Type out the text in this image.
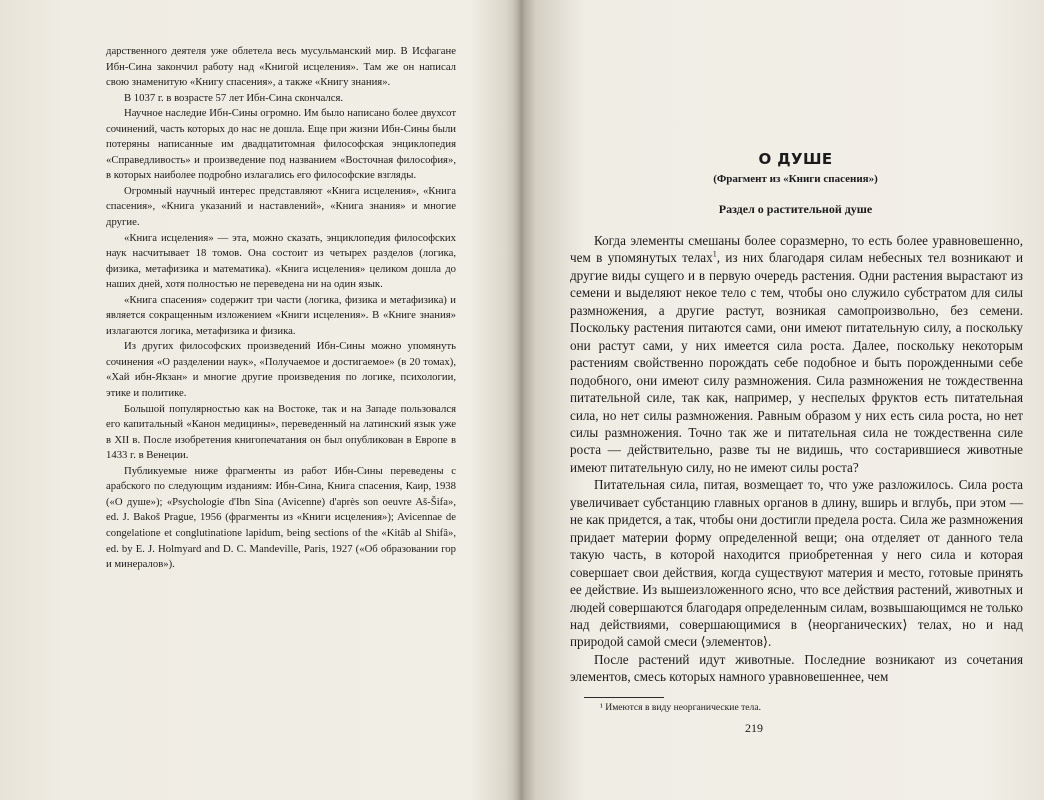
дарственного деятеля уже облетела весь мусульманский мир. В Исфагане Ибн-Сина закончил работу над «Книгой исцеления». Там же он написал свою знаменитую «Книгу спасения», а также «Книгу знания».

В 1037 г. в возрасте 57 лет Ибн-Сина скончался.

Научное наследие Ибн-Сины огромно. Им было написано более двухсот сочинений, часть которых до нас не дошла. Еще при жизни Ибн-Сины были потеряны написанные им двадцатитомная философская энциклопедия «Справедливость» и произведение под названием «Восточная философия», в которых наиболее подробно излагались его философские взгляды.

Огромный научный интерес представляют «Книга исцеления», «Книга спасения», «Книга указаний и наставлений», «Книга знания» и многие другие.

«Книга исцеления» — эта, можно сказать, энциклопедия философских наук насчитывает 18 томов. Она состоит из четырех разделов (логика, физика, метафизика и математика). «Книга исцеления» целиком дошла до наших дней, хотя полностью не переведена ни на один язык.

«Книга спасения» содержит три части (логика, физика и метафизика) и является сокращенным изложением «Книги исцеления». В «Книге знания» излагаются логика, метафизика и физика.

Из других философских произведений Ибн-Сины можно упомянуть сочинения «О разделении наук», «Получаемое и достигаемое» (в 20 томах), «Хай ибн-Якзан» и многие другие произведения по логике, психологии, этике и политике.

Большой популярностью как на Востоке, так и на Западе пользовался его капитальный «Канон медицины», переведенный на латинский язык уже в XII в. После изобретения книгопечатания он был опубликован в Европе в 1433 г. в Венеции.

Публикуемые ниже фрагменты из работ Ибн-Сины переведены с арабского по следующим изданиям: Ибн-Сина, Книга спасения, Каир, 1938 («О душе»); «Psychologie d'Ibn Sina (Avicenne) d'après son oeuvre Aš-Šifa», ed. J. Bakoš Prague, 1956 (фрагменты из «Книги исцеления»); Avicennae de congelatione et conglutinatione lapidum, being sections of the «Kitâb al Shifâ», ed. by E. J. Holmyard and D. C. Mandeville, Paris, 1927 («Об образовании гор и минералов»).

О ДУШЕ

(Фрагмент из «Книги спасения»)

Раздел о растительной душе

Когда элементы смешаны более соразмерно, то есть более уравновешенно, чем в упомянутых телах$^1$, из них благодаря силам небесных тел возникают и другие виды сущего и в первую очередь растения. Одни растения вырастают из семени и выделяют некое тело с тем, чтобы оно служило субстратом для силы размножения, а другие растут, возникая самопроизвольно, без семени. Поскольку растения питаются сами, они имеют питательную силу, а поскольку они растут сами, у них имеется сила роста. Далее, поскольку некоторым растениям свойственно порождать себе подобное и быть порожденными себе подобного, они имеют силу размножения. Сила размножения не тождественна питательной силе, так как, например, у неспелых фруктов есть питательная сила, но нет силы размножения. Равным образом у них есть сила роста, но нет силы размножения. Точно так же и питательная сила не тождественна силе роста — действительно, разве ты не видишь, что состарившиеся животные имеют питательную силу, но не имеют силы роста?

Питательная сила, питая, возмещает то, что уже разложилось. Сила роста увеличивает субстанцию главных органов в длину, вширь и вглубь, при этом — не как придется, а так, чтобы они достигли предела роста. Сила же размножения придает материи форму определенной вещи; она отделяет от данного тела такую часть, в которой находится приобретенная у него сила и которая совершает свои действия, когда существуют материя и место, готовые принять ее действие. Из вышеизложенного ясно, что все действия растений, животных и людей совершаются благодаря определенным силам, возвышающимся не только над действиями, совершающимися в ⟨неорганических⟩ телах, но и над природой самой смеси ⟨элементов⟩.

После растений идут животные. Последние возникают из сочетания элементов, смесь которых намного уравновешеннее, чем

¹ Имеются в виду неорганические тела.
219
